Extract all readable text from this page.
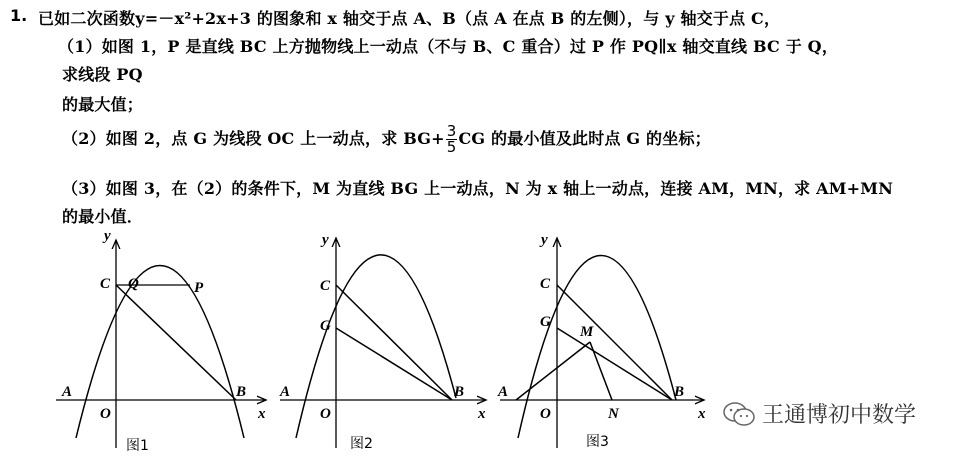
1. 已如二次函数y=－x²+2x+3 的图象和 x 轴交于点 A、B（点 A 在点 B 的左侧），与 y 轴交于点 C，
（1）如图 1，P 是直线 BC 上方抛物线上一动点（不与 B、C 重合）过 P 作 PQ∥x 轴交直线 BC 于 Q，
求线段 PQ
的最大值；
（2）如图 2，点 G 为线段 OC 上一动点，求 $BG+ \frac{3}{5}$ CG 的最小值及此时点 G 的坐标；
（3）如图 3，在（2）的条件下，M 为直线 BG 上一动点，N 为 x 轴上一动点，连接 AM，MN，求 AM+MN
的最小值．
y
x
O
A	B
C Q	P
图1
y
x
O
A	B
C
G
图2
y
x
O
A	B
C
G
M
N
图3
王通博初中数学
